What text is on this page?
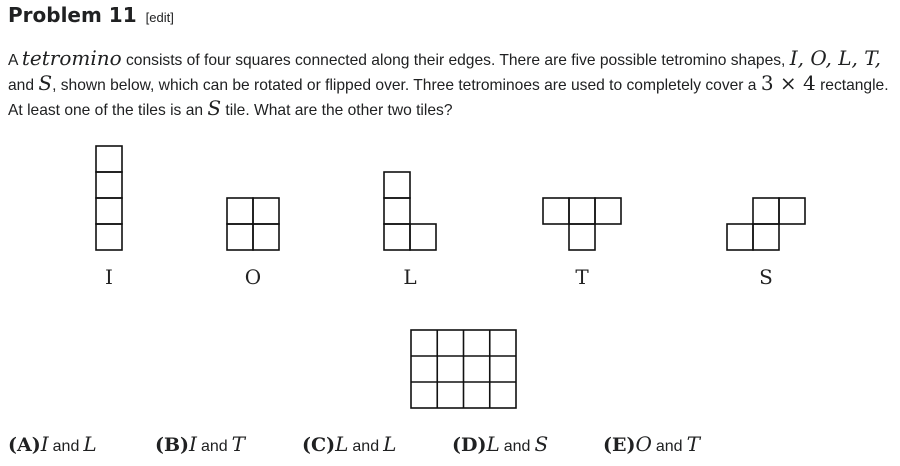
Problem 11 [edit]
A tetromino consists of four squares connected along their edges. There are five possible tetromino shapes, I, O, L, T, and S, shown below, which can be rotated or flipped over. Three tetrominoes are used to completely cover a 3 × 4 rectangle. At least one of the tiles is an S tile. What are the other two tiles?
I	O	L	T	S
(A)I and L	(B)I and T	(C)L and L	(D)L and S	(E)O and T
